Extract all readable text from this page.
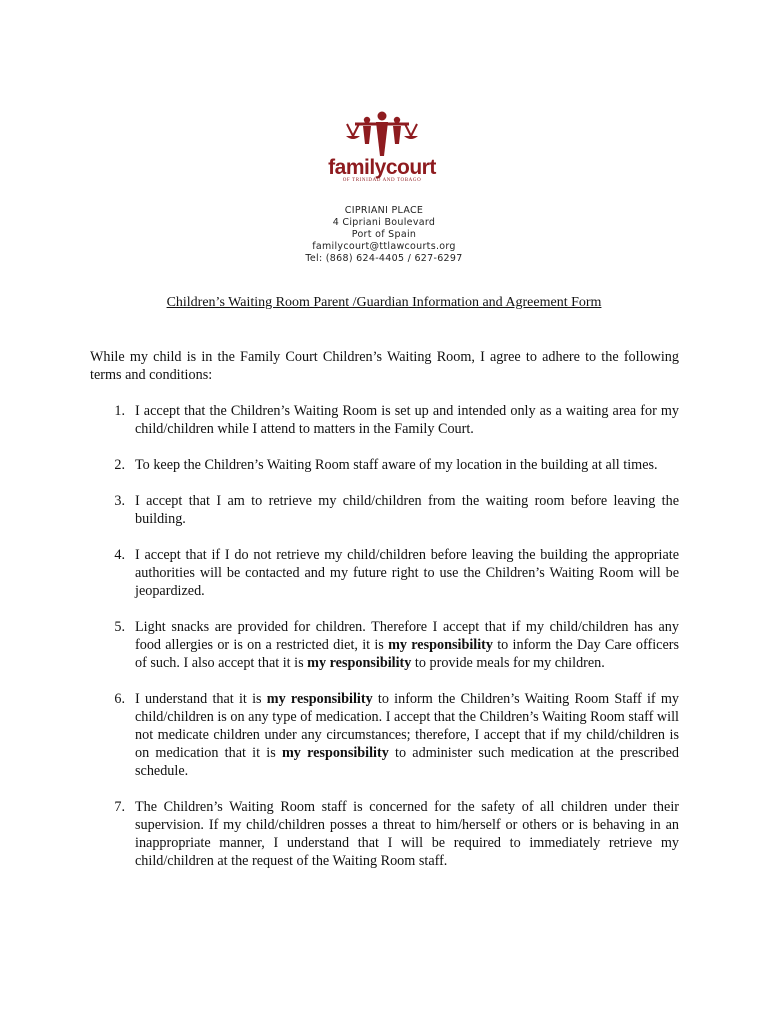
familycourt
OF TRINIDAD AND TOBAGO
CIPRIANI PLACE
4 Cipriani Boulevard
Port of Spain
familycourt@ttlawcourts.org
Tel: (868) 624-4405 / 627-6297
Children’s Waiting Room Parent /Guardian Information and Agreement Form
While my child is in the Family Court Children’s Waiting Room, I agree to adhere to the following terms and conditions:
1. I accept that the Children’s Waiting Room is set up and intended only as a waiting area for my child/children while I attend to matters in the Family Court.
2. To keep the Children’s Waiting Room staff aware of my location in the building at all times.
3. I accept that I am to retrieve my child/children from the waiting room before leaving the building.
4. I accept that if I do not retrieve my child/children before leaving the building the appropriate authorities will be contacted and my future right to use the Children’s Waiting Room will be jeopardized.
5. Light snacks are provided for children. Therefore I accept that if my child/children has any food allergies or is on a restricted diet, it is my responsibility to inform the Day Care officers of such. I also accept that it is my responsibility to provide meals for my children.
6. I understand that it is my responsibility to inform the Children’s Waiting Room Staff if my child/children is on any type of medication. I accept that the Children’s Waiting Room staff will not medicate children under any circumstances; therefore, I accept that if my child/children is on medication that it is my responsibility to administer such medication at the prescribed schedule.
7. The Children’s Waiting Room staff is concerned for the safety of all children under their supervision. If my child/children posses a threat to him/herself or others or is behaving in an inappropriate manner, I understand that I will be required to immediately retrieve my child/children at the request of the Waiting Room staff.
